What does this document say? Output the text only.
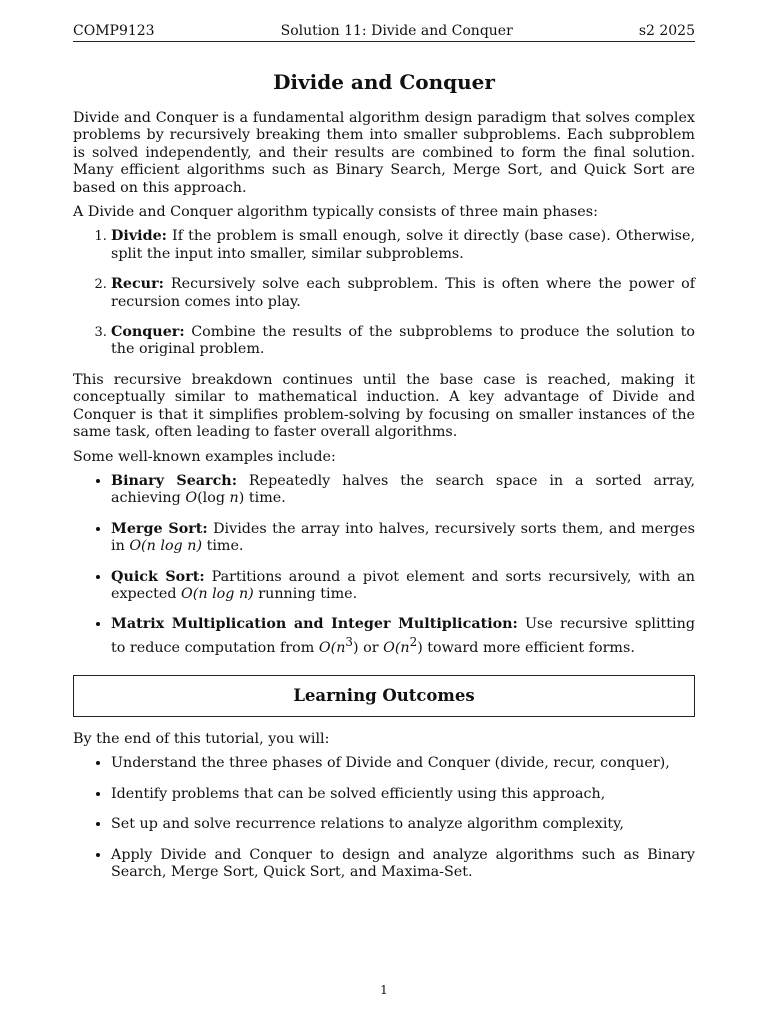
COMP9123	Solution 11: Divide and Conquer	s2 2025
Divide and Conquer

Divide and Conquer is a fundamental algorithm design paradigm that solves complex problems by recursively breaking them into smaller subproblems. Each subproblem is solved independently, and their results are combined to form the final solution. Many efficient algorithms such as Binary Search, Merge Sort, and Quick Sort are based on this approach.

A Divide and Conquer algorithm typically consists of three main phases:

1. Divide: If the problem is small enough, solve it directly (base case). Otherwise, split the input into smaller, similar subproblems.
2. Recur: Recursively solve each subproblem. This is often where the power of recursion comes into play.
3. Conquer: Combine the results of the subproblems to produce the solution to the original problem.

This recursive breakdown continues until the base case is reached, making it conceptually similar to mathematical induction. A key advantage of Divide and Conquer is that it simplifies problem-solving by focusing on smaller instances of the same task, often leading to faster overall algorithms.

Some well-known examples include:

• Binary Search: Repeatedly halves the search space in a sorted array, achieving O(log n) time.
• Merge Sort: Divides the array into halves, recursively sorts them, and merges in O(n log n) time.
• Quick Sort: Partitions around a pivot element and sorts recursively, with an expected O(n log n) running time.
• Matrix Multiplication and Integer Multiplication: Use recursive splitting to reduce computation from $O(n^3)$ or $O(n^2)$ toward more efficient forms.
Learning Outcomes

By the end of this tutorial, you will:

• Understand the three phases of Divide and Conquer (divide, recur, conquer),
• Identify problems that can be solved efficiently using this approach,
• Set up and solve recurrence relations to analyze algorithm complexity,
• Apply Divide and Conquer to design and analyze algorithms such as Binary Search, Merge Sort, Quick Sort, and Maxima-Set.
1
